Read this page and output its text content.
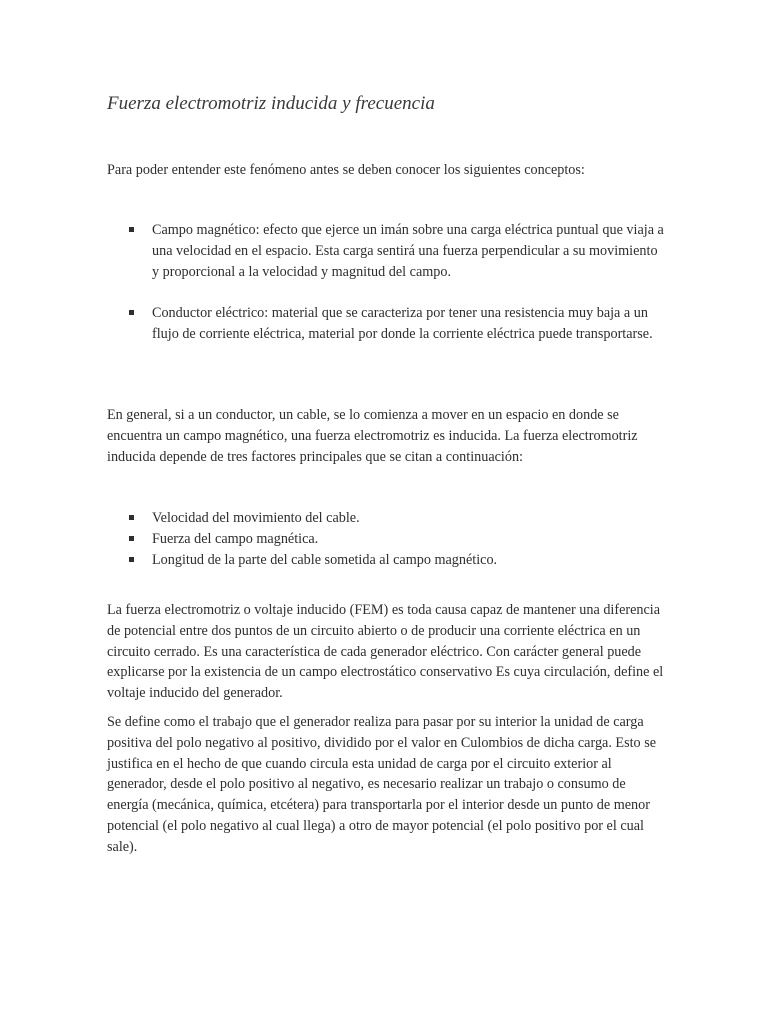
Fuerza electromotriz inducida y frecuencia

Para poder entender este fenómeno antes se deben conocer los siguientes conceptos:

Campo magnético: efecto que ejerce un imán sobre una carga eléctrica puntual que viaja a una velocidad en el espacio. Esta carga sentirá una fuerza perpendicular a su movimiento y proporcional a la velocidad y magnitud del campo.
Conductor eléctrico: material que se caracteriza por tener una resistencia muy baja a un flujo de corriente eléctrica, material por donde la corriente eléctrica puede transportarse.

En general, si a un conductor, un cable, se lo comienza a mover en un espacio en donde se encuentra un campo magnético, una fuerza electromotriz es inducida. La fuerza electromotriz inducida depende de tres factores principales que se citan a continuación:

Velocidad del movimiento del cable.
Fuerza del campo magnética.
Longitud de la parte del cable sometida al campo magnético.

La fuerza electromotriz o voltaje inducido (FEM) es toda causa capaz de mantener una diferencia de potencial entre dos puntos de un circuito abierto o de producir una corriente eléctrica en un circuito cerrado. Es una característica de cada generador eléctrico. Con carácter general puede explicarse por la existencia de un campo electrostático conservativo Es cuya circulación, define el voltaje inducido del generador.

Se define como el trabajo que el generador realiza para pasar por su interior la unidad de carga positiva del polo negativo al positivo, dividido por el valor en Culombios de dicha carga. Esto se justifica en el hecho de que cuando circula esta unidad de carga por el circuito exterior al generador, desde el polo positivo al negativo, es necesario realizar un trabajo o consumo de energía (mecánica, química, etcétera) para transportarla por el interior desde un punto de menor potencial (el polo negativo al cual llega) a otro de mayor potencial (el polo positivo por el cual sale).
